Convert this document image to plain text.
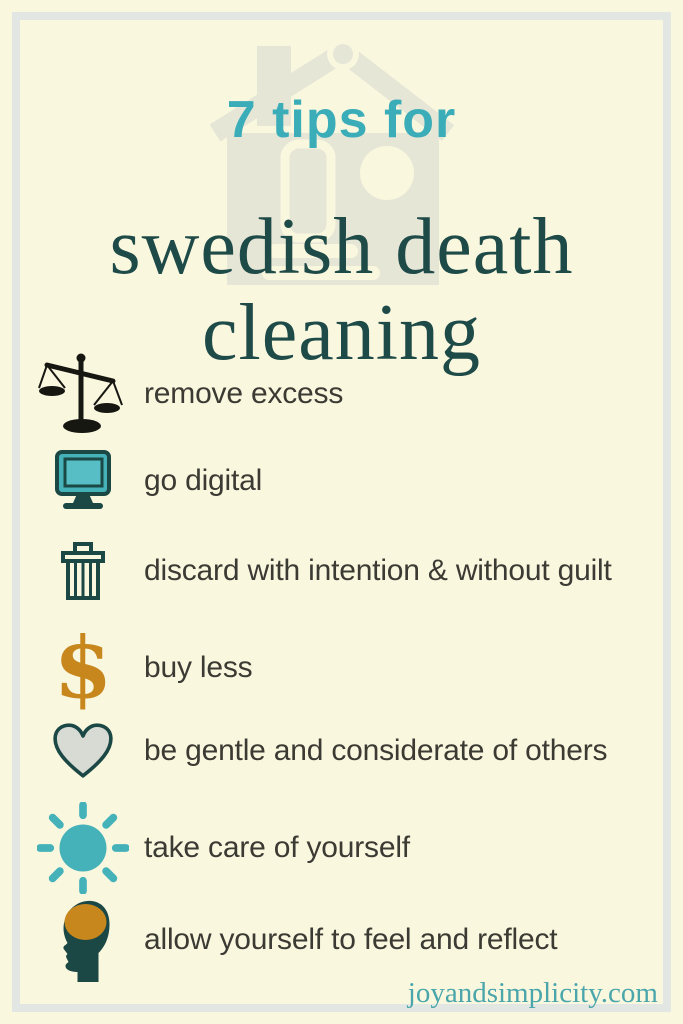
7 tips for
swedish death
cleaning
remove excess
go digital
discard with intention & without guilt
$ buy less
be gentle and considerate of others
take care of yourself
allow yourself to feel and reflect
joyandsimplicity.com
